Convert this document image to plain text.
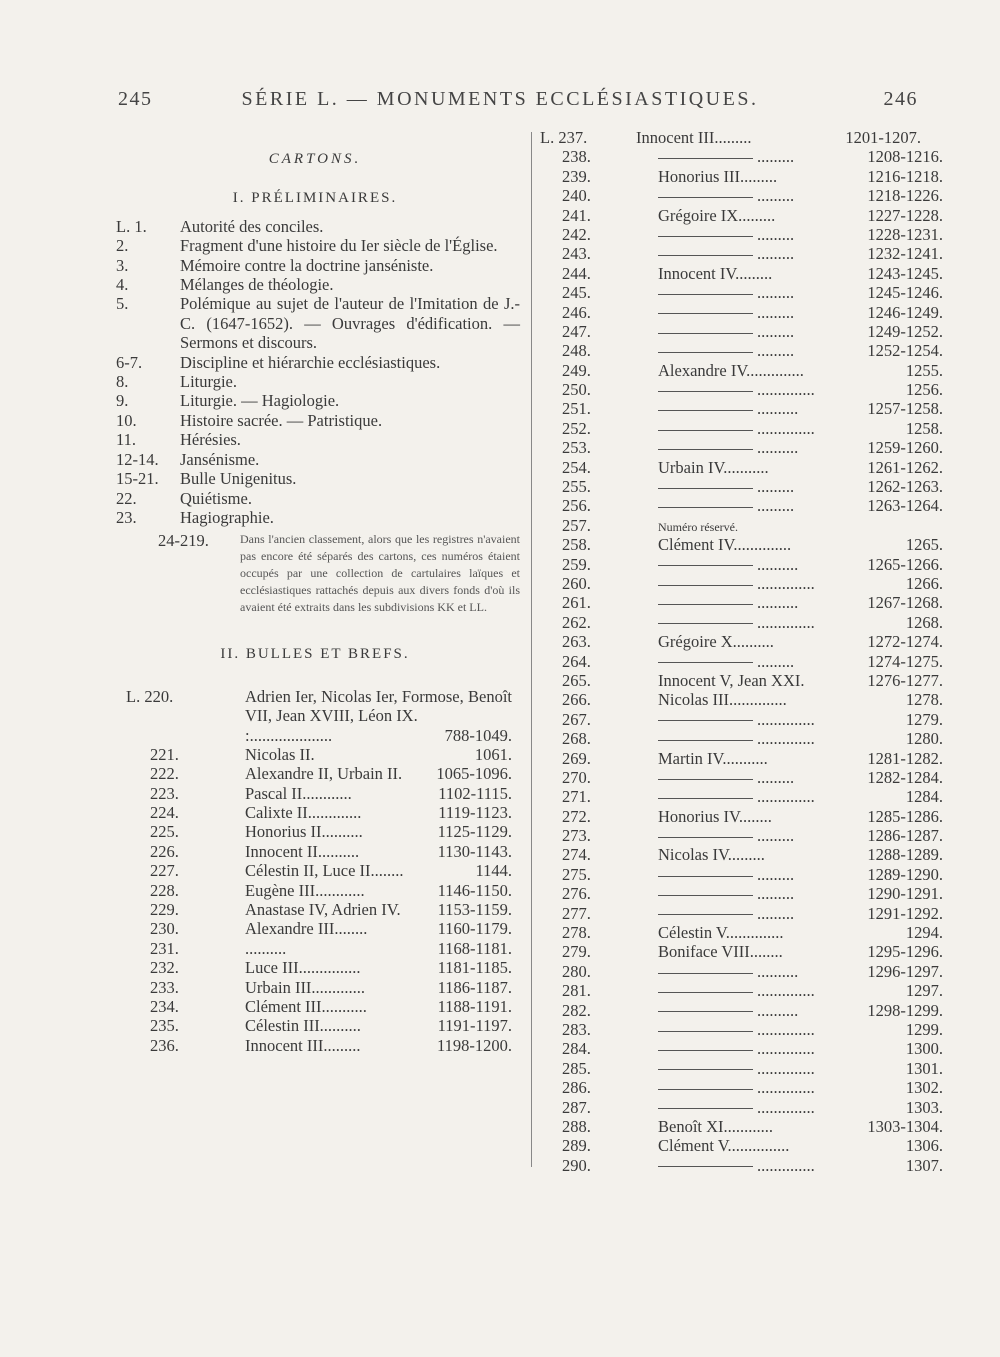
245	SÉRIE L. — MONUMENTS ECCLÉSIASTIQUES.	246
CARTONS.
I. PRÉLIMINAIRES.
L. 1.	Autorité des conciles.
2.	Fragment d'une histoire du Ier siècle de l'Église.
3.	Mémoire contre la doctrine janséniste.
4.	Mélanges de théologie.
5.	Polémique au sujet de l'auteur de l'Imitation de J.-C. (1647-1652). — Ouvrages d'édification. — Sermons et discours.
6-7.	Discipline et hiérarchie ecclésiastiques.
8.	Liturgie.
9.	Liturgie. — Hagiologie.
10.	Histoire sacrée. — Patristique.
11.	Hérésies.
12-14.	Jansénisme.
15-21.	Bulle Unigenitus.
22.	Quiétisme.
23.	Hagiographie.
24-219.	Dans l'ancien classement, alors que les registres n'avaient pas encore été séparés des cartons, ces numéros étaient occupés par une collection de cartulaires laïques et ecclésiastiques rattachés depuis aux divers fonds d'où ils avaient été extraits dans les subdivisions KK et LL.
II. BULLES ET BREFS.
L. 220.	Adrien Ier, Nicolas Ier, Formose, Benoît VII, Jean XVIII, Léon IX.
:....................	788-1049.
221.	Nicolas II.	1061.
222.	Alexandre II, Urbain II.	1065-1096.
223.	Pascal II............	1102-1115.
224.	Calixte II.............	1119-1123.
225.	Honorius II..........	1125-1129.
226.	Innocent II..........	1130-1143.
227.	Célestin II, Luce II........	1144.
228.	Eugène III............	1146-1150.
229.	Anastase IV, Adrien IV.	1153-1159.
230.	Alexandre III........	1160-1179.
231.	..........	1168-1181.
232.	Luce III...............	1181-1185.
233.	Urbain III.............	1186-1187.
234.	Clément III...........	1188-1191.
235.	Célestin III..........	1191-1197.
236.	Innocent III.........	1198-1200.
L. 237.	Innocent III.........	1201-1207.
238.	.........	1208-1216.
239.	Honorius III.........	1216-1218.
240.	.........	1218-1226.
241.	Grégoire IX.........	1227-1228.
242.	.........	1228-1231.
243.	.........	1232-1241.
244.	Innocent IV.........	1243-1245.
245.	.........	1245-1246.
246.	.........	1246-1249.
247.	.........	1249-1252.
248.	.........	1252-1254.
249.	Alexandre IV..............	1255.
250.	..............	1256.
251.	..........	1257-1258.
252.	..............	1258.
253.	..........	1259-1260.
254.	Urbain IV...........	1261-1262.
255.	.........	1262-1263.
256.	.........	1263-1264.
257.	Numéro réservé.
258.	Clément IV..............	1265.
259.	..........	1265-1266.
260.	..............	1266.
261.	..........	1267-1268.
262.	..............	1268.
263.	Grégoire X..........	1272-1274.
264.	.........	1274-1275.
265.	Innocent V, Jean XXI.	1276-1277.
266.	Nicolas III..............	1278.
267.	..............	1279.
268.	..............	1280.
269.	Martin IV...........	1281-1282.
270.	.........	1282-1284.
271.	..............	1284.
272.	Honorius IV........	1285-1286.
273.	.........	1286-1287.
274.	Nicolas IV.........	1288-1289.
275.	.........	1289-1290.
276.	.........	1290-1291.
277.	.........	1291-1292.
278.	Célestin V..............	1294.
279.	Boniface VIII........	1295-1296.
280.	..........	1296-1297.
281.	..............	1297.
282.	..........	1298-1299.
283.	..............	1299.
284.	..............	1300.
285.	..............	1301.
286.	..............	1302.
287.	..............	1303.
288.	Benoît XI............	1303-1304.
289.	Clément V...............	1306.
290.	..............	1307.
